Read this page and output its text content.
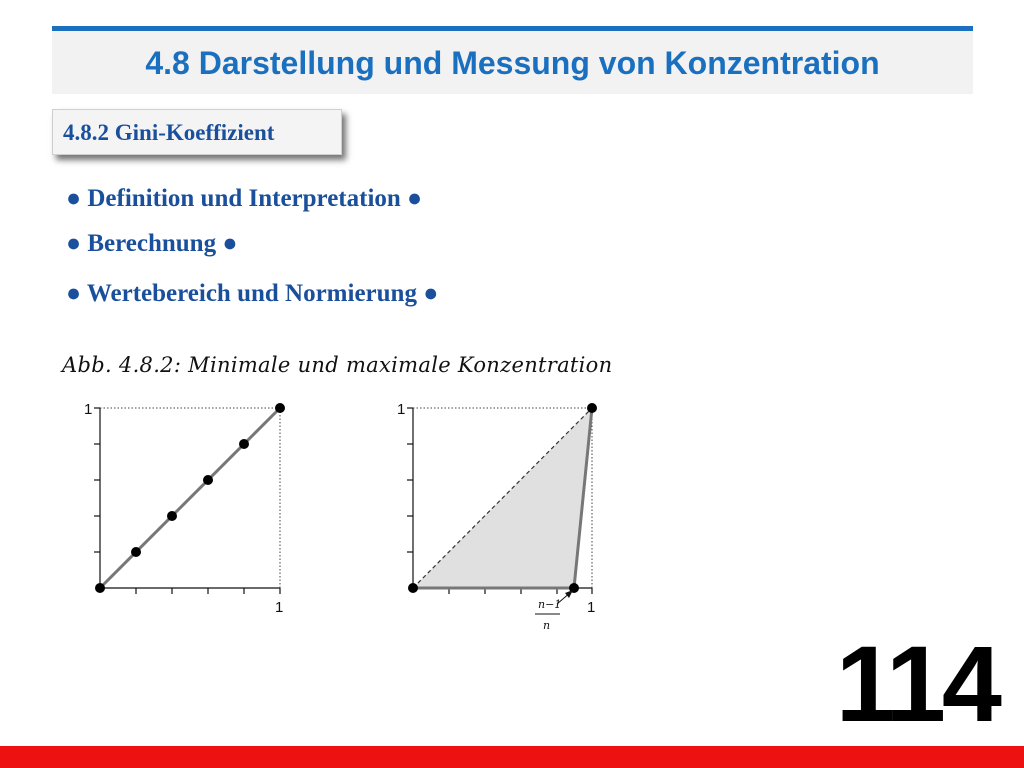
4.8 Darstellung und Messung von Konzentration
4.8.2 Gini-Koeffizient
● Definition und Interpretation ●
● Berechnung ●
● Wertebereich und Normierung ●
Abb. 4.8.2: Minimale und maximale Konzentration
1
1	n−1
n
1
1
114
